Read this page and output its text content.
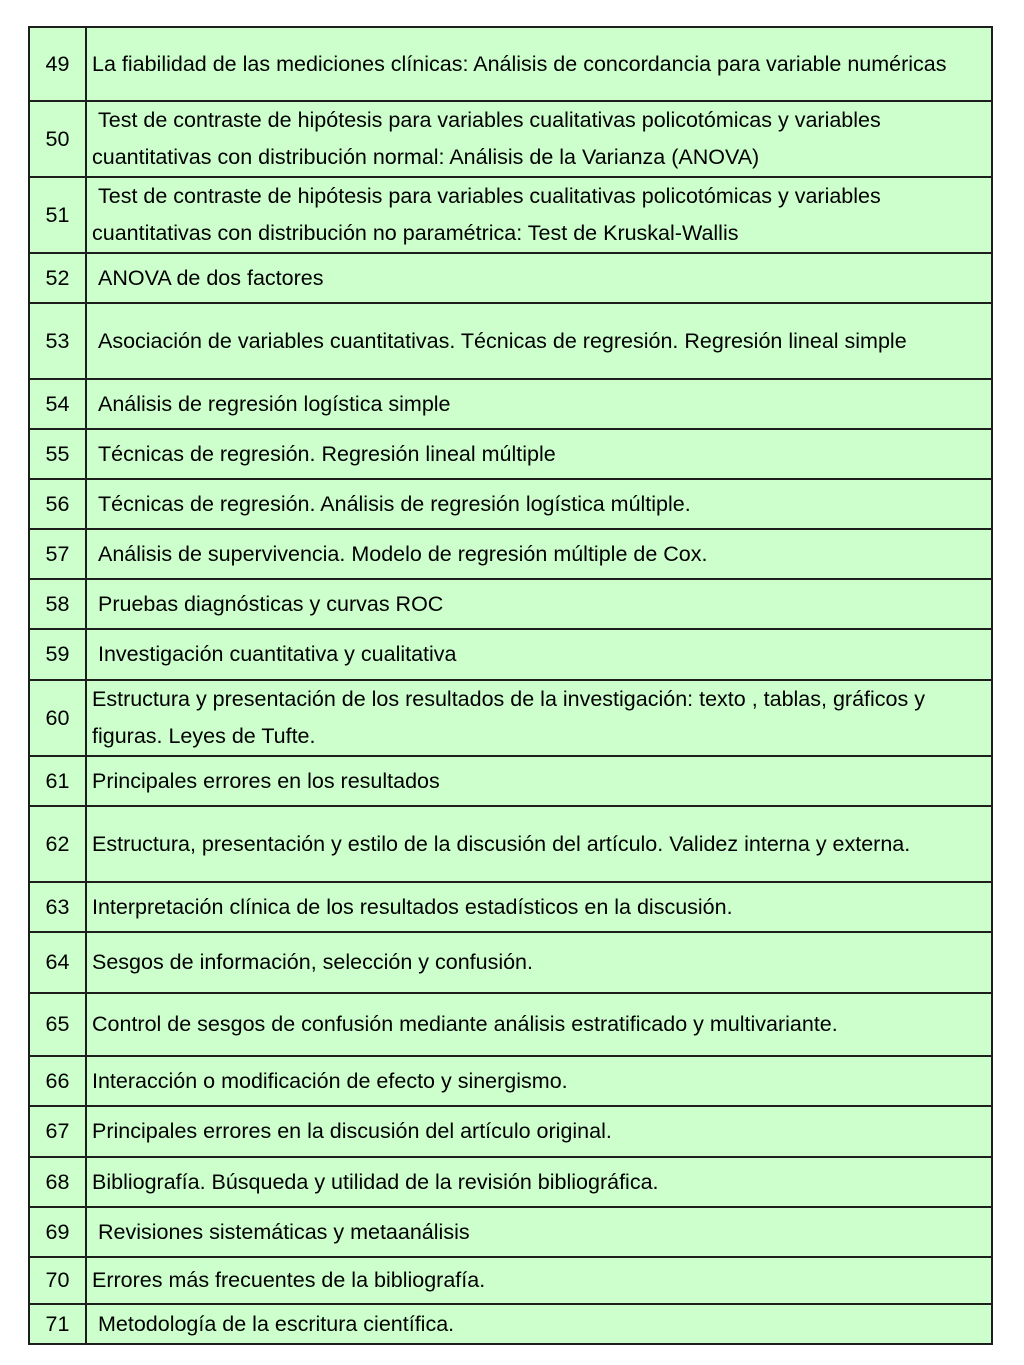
49	La fiabilidad de las mediciones clínicas: Análisis de concordancia para variable numéricas
50	Test de contraste de hipótesis para variables cualitativas policotómicas y variables cuantitativas con distribución normal: Análisis de la Varianza (ANOVA)
51	Test de contraste de hipótesis para variables cualitativas policotómicas y variables cuantitativas con distribución no paramétrica: Test de Kruskal-Wallis
52	ANOVA de dos factores
53	Asociación de variables cuantitativas. Técnicas de regresión. Regresión lineal simple
54	Análisis de regresión logística simple
55	Técnicas de regresión. Regresión lineal múltiple
56	Técnicas de regresión. Análisis de regresión logística múltiple.
57	Análisis de supervivencia. Modelo de regresión múltiple de Cox.
58	Pruebas diagnósticas y curvas ROC
59	Investigación cuantitativa y cualitativa
60	Estructura y presentación de los resultados de la investigación: texto , tablas, gráficos y figuras. Leyes de Tufte.
61	Principales errores en los resultados
62	Estructura, presentación y estilo de la discusión del artículo. Validez interna y externa.
63	Interpretación clínica de los resultados estadísticos en la discusión.
64	Sesgos de información, selección y confusión.
65	Control de sesgos de confusión mediante análisis estratificado y multivariante.
66	Interacción o modificación de efecto y sinergismo.
67	Principales errores en la discusión del artículo original.
68	Bibliografía. Búsqueda y utilidad de la revisión bibliográfica.
69	Revisiones sistemáticas y metaanálisis
70	Errores más frecuentes de la bibliografía.
71	Metodología de la escritura científica.
